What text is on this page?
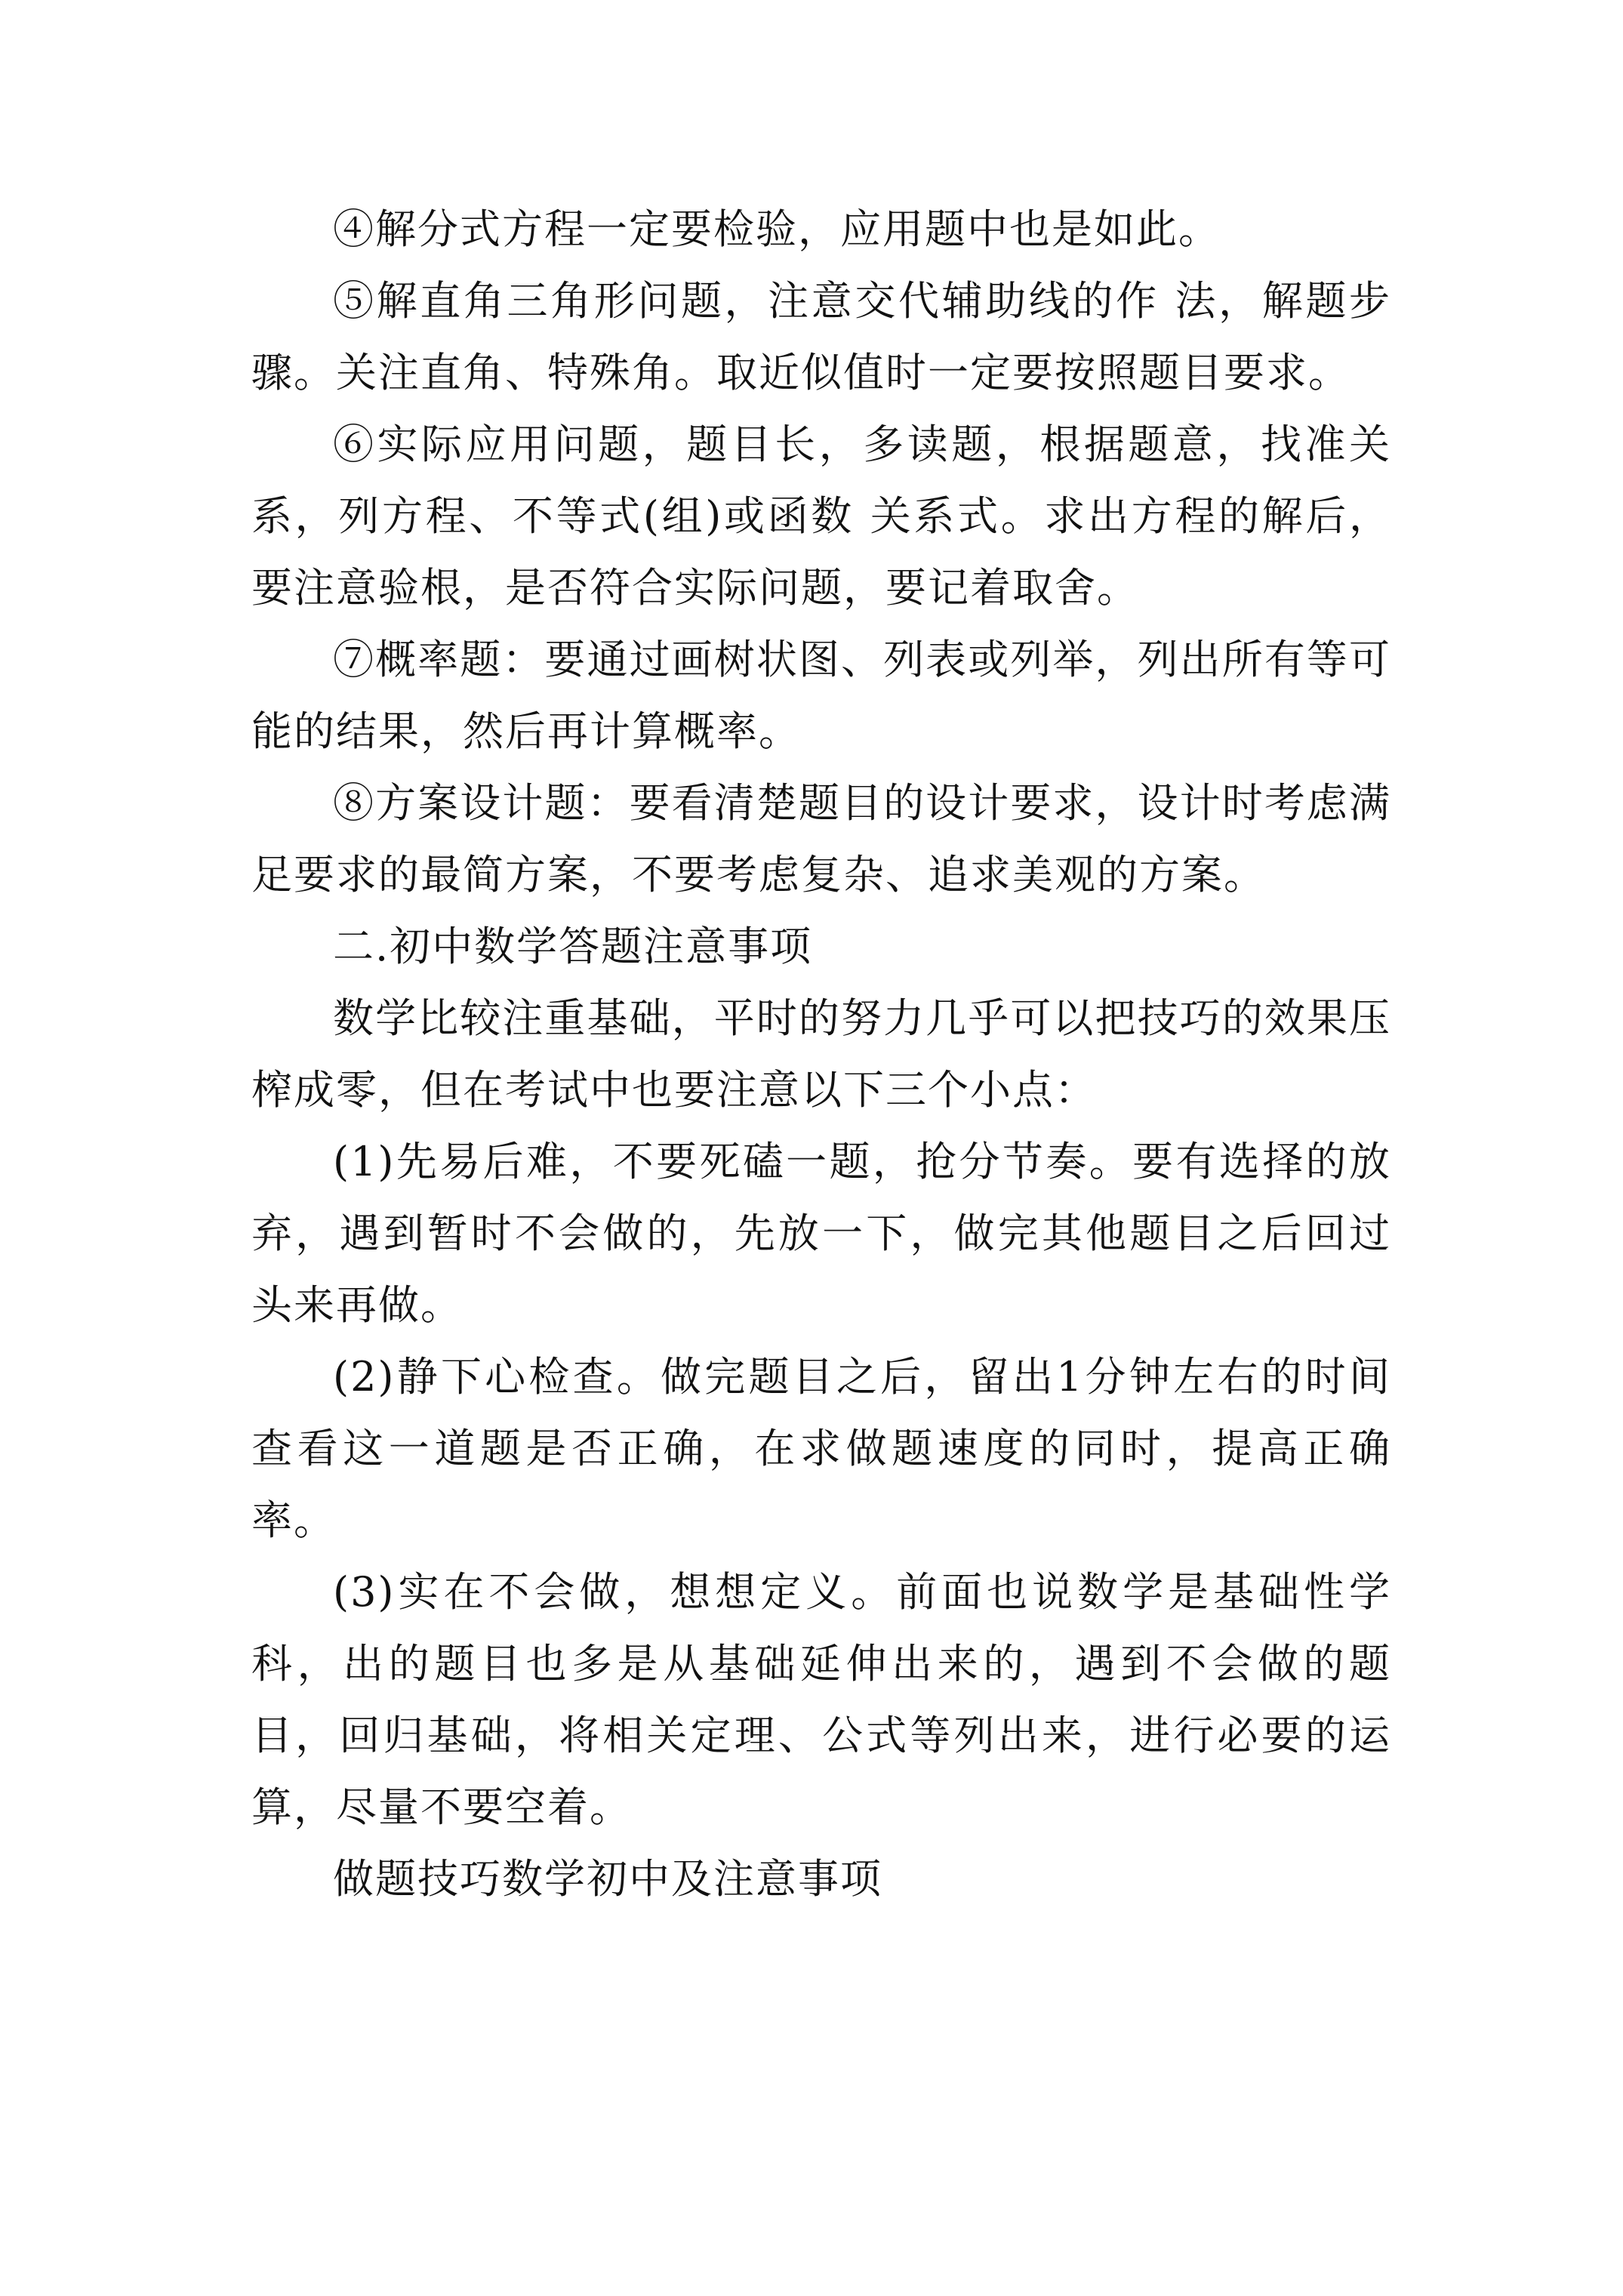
④解分式方程一定要检验，应用题中也是如此。

⑤解直角三角形问题，注意交代辅助线的作 法，解题步骤。关注直角、特殊角。取近似值时一定要按照题目要求。

⑥实际应用问题，题目长，多读题，根据题意，找准关系，列方程、不等式(组)或函数 关系式。求出方程的解后，要注意验根，是否符合实际问题，要记着取舍。

⑦概率题：要通过画树状图、列表或列举，列出所有等可能的结果，然后再计算概率。

⑧方案设计题：要看清楚题目的设计要求，设计时考虑满足要求的最简方案，不要考虑复杂、追求美观的方案。

二.初中数学答题注意事项

数学比较注重基础，平时的努力几乎可以把技巧的效果压榨成零，但在考试中也要注意以下三个小点：

(1)先易后难，不要死磕一题，抢分节奏。要有选择的放弃，遇到暂时不会做的，先放一下，做完其他题目之后回过头来再做。

(2)静下心检查。做完题目之后，留出1分钟左右的时间查看这一道题是否正确，在求做题速度的同时，提高正确率。

(3)实在不会做，想想定义。前面也说数学是基础性学科，出的题目也多是从基础延伸出来的，遇到不会做的题目，回归基础，将相关定理、公式等列出来，进行必要的运算，尽量不要空着。

做题技巧数学初中及注意事项
